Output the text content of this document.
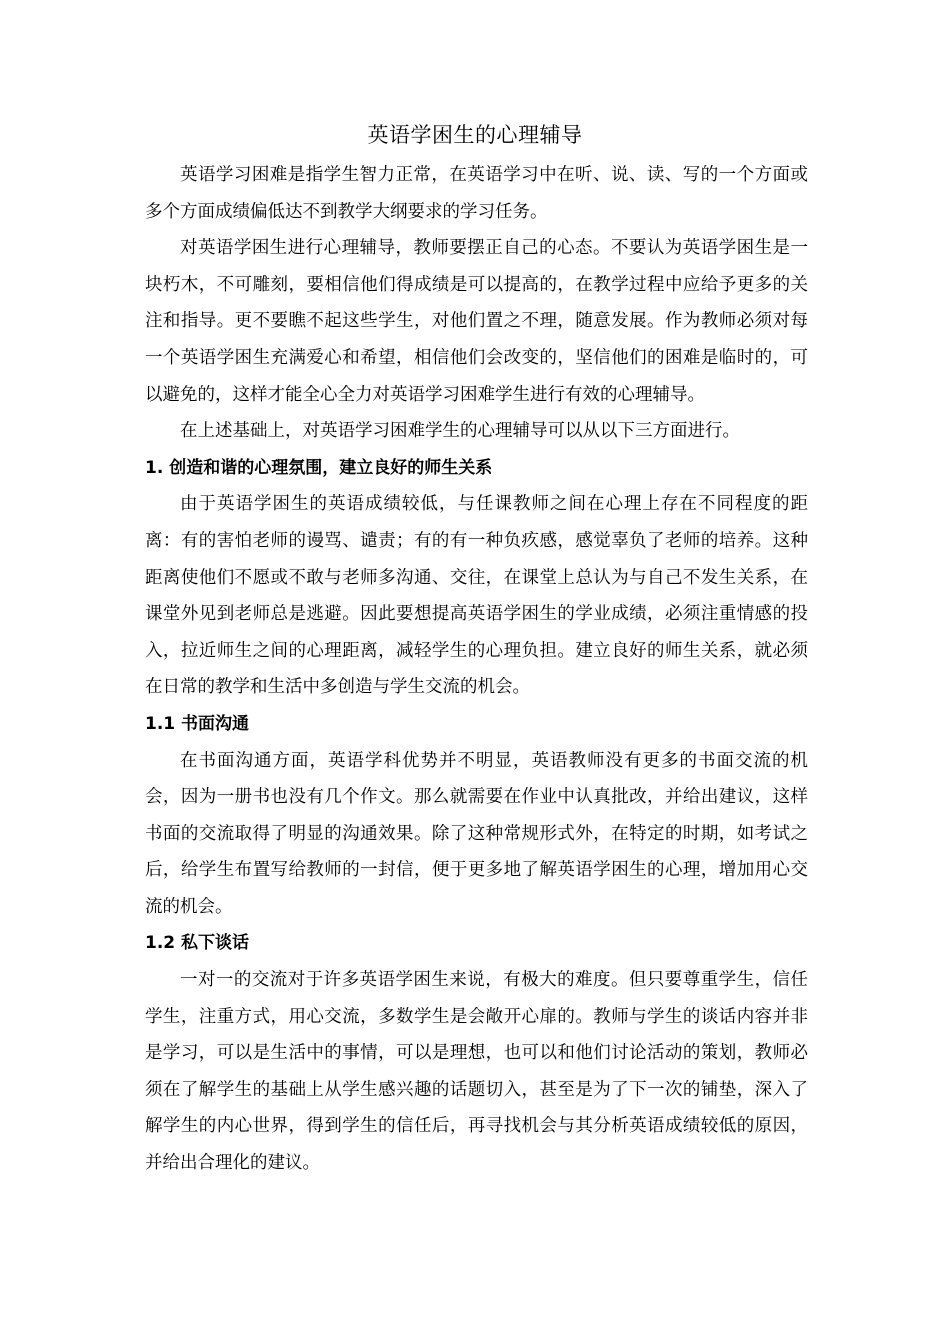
英语学困生的心理辅导

英语学习困难是指学生智力正常，在英语学习中在听、说、读、写的一个方面或多个方面成绩偏低达不到教学大纲要求的学习任务。

对英语学困生进行心理辅导，教师要摆正自己的心态。不要认为英语学困生是一块朽木，不可雕刻，要相信他们得成绩是可以提高的，在教学过程中应给予更多的关注和指导。更不要瞧不起这些学生，对他们置之不理，随意发展。作为教师必须对每一个英语学困生充满爱心和希望，相信他们会改变的，坚信他们的困难是临时的，可以避免的，这样才能全心全力对英语学习困难学生进行有效的心理辅导。

在上述基础上，对英语学习困难学生的心理辅导可以从以下三方面进行。

1. 创造和谐的心理氛围，建立良好的师生关系

由于英语学困生的英语成绩较低，与任课教师之间在心理上存在不同程度的距离：有的害怕老师的谩骂、谴责；有的有一种负疚感，感觉辜负了老师的培养。这种距离使他们不愿或不敢与老师多沟通、交往，在课堂上总认为与自己不发生关系，在课堂外见到老师总是逃避。因此要想提高英语学困生的学业成绩，必须注重情感的投入，拉近师生之间的心理距离，减轻学生的心理负担。建立良好的师生关系，就必须在日常的教学和生活中多创造与学生交流的机会。

1.1 书面沟通

在书面沟通方面，英语学科优势并不明显，英语教师没有更多的书面交流的机会，因为一册书也没有几个作文。那么就需要在作业中认真批改，并给出建议，这样书面的交流取得了明显的沟通效果。除了这种常规形式外，在特定的时期，如考试之后，给学生布置写给教师的一封信，便于更多地了解英语学困生的心理，增加用心交流的机会。

1.2 私下谈话

一对一的交流对于许多英语学困生来说，有极大的难度。但只要尊重学生，信任学生，注重方式，用心交流，多数学生是会敞开心扉的。教师与学生的谈话内容并非是学习，可以是生活中的事情，可以是理想，也可以和他们讨论活动的策划，教师必须在了解学生的基础上从学生感兴趣的话题切入，甚至是为了下一次的铺垫，深入了解学生的内心世界，得到学生的信任后，再寻找机会与其分析英语成绩较低的原因，并给出合理化的建议。
